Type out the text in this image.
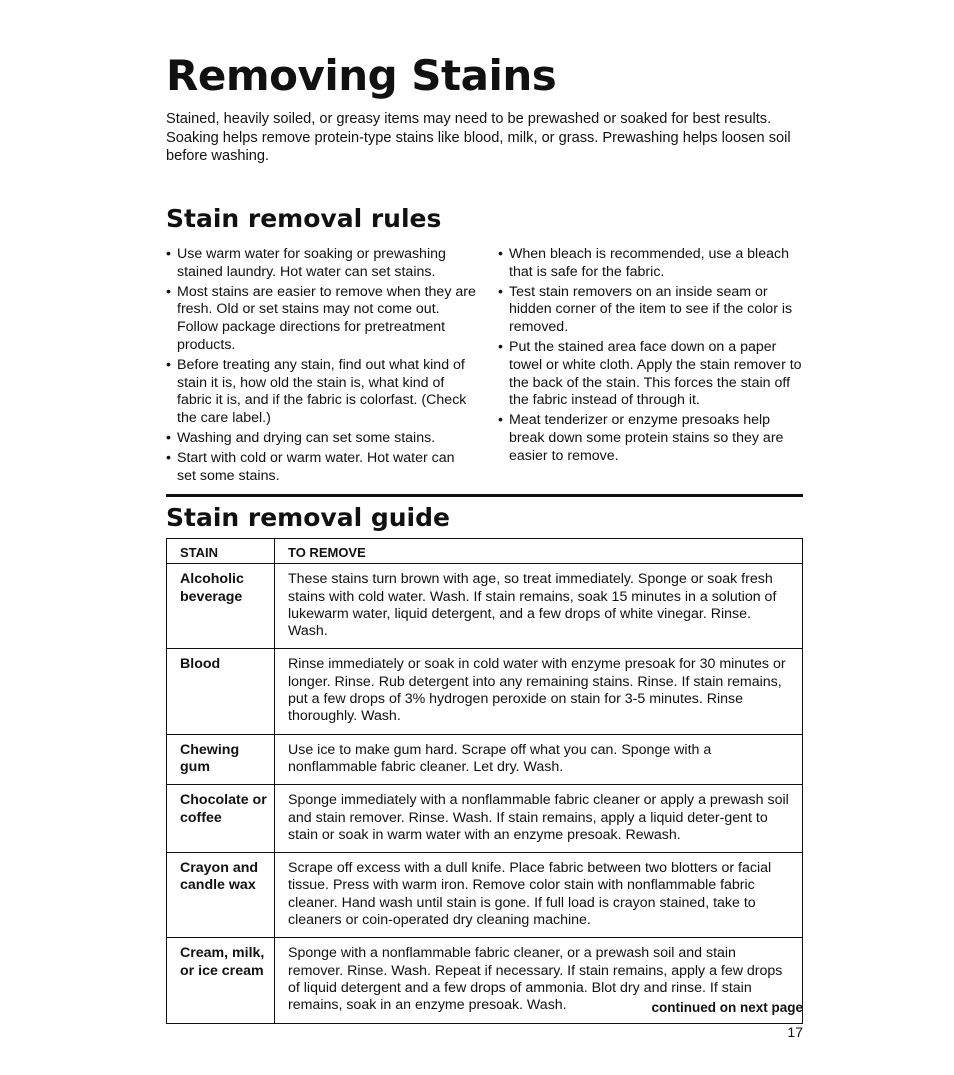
Removing Stains

Stained, heavily soiled, or greasy items may need to be prewashed or soaked for best results. Soaking helps remove protein-type stains like blood, milk, or grass. Prewashing helps loosen soil before washing.

Stain removal rules
• Use warm water for soaking or prewashing stained laundry. Hot water can set stains.
• Most stains are easier to remove when they are fresh. Old or set stains may not come out. Follow package directions for pretreatment products.
• Before treating any stain, find out what kind of stain it is, how old the stain is, what kind of fabric it is, and if the fabric is colorfast. (Check the care label.)
• Washing and drying can set some stains.
• Start with cold or warm water. Hot water can set some stains.
• When bleach is recommended, use a bleach that is safe for the fabric.
• Test stain removers on an inside seam or hidden corner of the item to see if the color is removed.
• Put the stained area face down on a paper towel or white cloth. Apply the stain remover to the back of the stain. This forces the stain off the fabric instead of through it.
• Meat tenderizer or enzyme presoaks help break down some protein stains so they are easier to remove.
Stain removal guide
STAIN	TO REMOVE
Alcoholic beverage	These stains turn brown with age, so treat immediately. Sponge or soak fresh stains with cold water. Wash. If stain remains, soak 15 minutes in a solution of lukewarm water, liquid detergent, and a few drops of white vinegar. Rinse. Wash.
Blood	Rinse immediately or soak in cold water with enzyme presoak for 30 minutes or longer. Rinse. Rub detergent into any remaining stains. Rinse. If stain remains, put a few drops of 3% hydrogen peroxide on stain for 3-5 minutes. Rinse thoroughly. Wash.
Chewing gum	Use ice to make gum hard. Scrape off what you can. Sponge with a nonflammable fabric cleaner. Let dry. Wash.
Chocolate or coffee	Sponge immediately with a nonflammable fabric cleaner or apply a prewash soil and stain remover. Rinse. Wash. If stain remains, apply a liquid deter-gent to stain or soak in warm water with an enzyme presoak. Rewash.
Crayon and candle wax	Scrape off excess with a dull knife. Place fabric between two blotters or facial tissue. Press with warm iron. Remove color stain with nonflammable fabric cleaner. Hand wash until stain is gone. If full load is crayon stained, take to cleaners or coin-operated dry cleaning machine.
Cream, milk, or ice cream	Sponge with a nonflammable fabric cleaner, or a prewash soil and stain remover. Rinse. Wash. Repeat if necessary. If stain remains, apply a few drops of liquid detergent and a few drops of ammonia. Blot dry and rinse. If stain remains, soak in an enzyme presoak. Wash.	continued on next page
17
